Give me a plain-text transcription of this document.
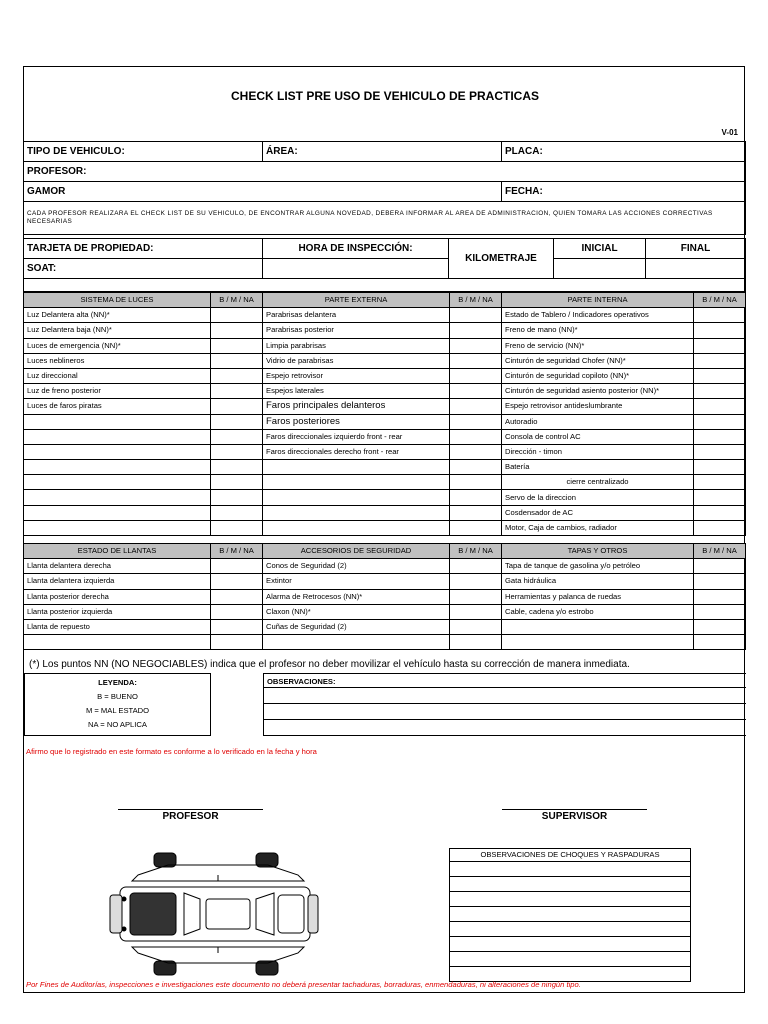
CHECK LIST PRE USO DE VEHICULO DE PRACTICAS
V-01
TIPO DE VEHICULO:	ÁREA:	PLACA:
PROFESOR:		
GAMOR		FECHA:
CADA PROFESOR REALIZARA EL CHECK LIST DE SU VEHICULO, DE ENCONTRAR ALGUNA NOVEDAD, DEBERA INFORMAR AL AREA DE ADMINISTRACION, QUIEN TOMARA LAS ACCIONES CORRECTIVAS NECESARIAS		
TARJETA DE PROPIEDAD:	HORA DE INSPECCIÓN:	KILOMETRAJE	INICIAL	FINAL
SOAT:				

SISTEMA DE LUCES	B / M / NA	PARTE EXTERNA	B / M / NA	PARTE INTERNA	B / M / NA
Luz Delantera alta (NN)*		Parabrisas delantera		Estado de Tablero / Indicadores operativos	
Luz Delantera baja (NN)*		Parabrisas posterior		Freno de mano (NN)*	
Luces de emergencia (NN)*		Limpia parabrisas		Freno de servicio (NN)*	
Luces neblineros		Vidrio de parabrisas		Cinturón de seguridad Chofer (NN)*	
Luz direccional		Espejo retrovisor		Cinturón de seguridad copiloto (NN)*	
Luz de freno posterior		Espejos laterales		Cinturón de seguridad asiento posterior (NN)*	
Luces de faros piratas		Faros principales delanteros		Espejo retrovisor antideslumbrante	
		Faros posteriores		Autoradio	
		Faros direccionales izquierdo front - rear		Consola de control AC	
		Faros direccionales derecho front - rear		Dirección - timon	
				Batería	
				cierre centralizado	
				Servo de la direccion	
				Cosdensador de AC	
				Motor, Caja de cambios, radiador	
ESTADO DE LLANTAS	B / M / NA	ACCESORIOS DE SEGURIDAD	B / M / NA	TAPAS Y OTROS	B / M / NA
Llanta delantera derecha		Conos de Seguridad (2)		Tapa de tanque de gasolina y/o petróleo	
Llanta delantera izquierda		Extintor		Gata hidráulica	
Llanta posterior derecha		Alarma de Retrocesos (NN)*		Herramientas y palanca de ruedas	
Llanta posterior izquierda		Claxon (NN)*		Cable, cadena y/o estrobo	
Llanta de repuesto		Cuñas de Seguridad (2)			

(*) Los puntos NN (NO NEGOCIABLES) indica que el profesor no deber movilizar el vehículo hasta su corrección de manera inmediata.
LEYENDA:
B = BUENO
M = MAL ESTADO
NA = NO APLICA
OBSERVACIONES:
Afirmo que lo registrado en este formato es conforme a lo verificado en la fecha y hora
PROFESOR	SUPERVISOR
OBSERVACIONES DE CHOQUES Y RASPADURAS

Por Fines de Auditorías, inspecciones e investigaciones este documento no deberá presentar tachaduras, borraduras, enmendaduras, ni alteraciones de ningún tipo.
